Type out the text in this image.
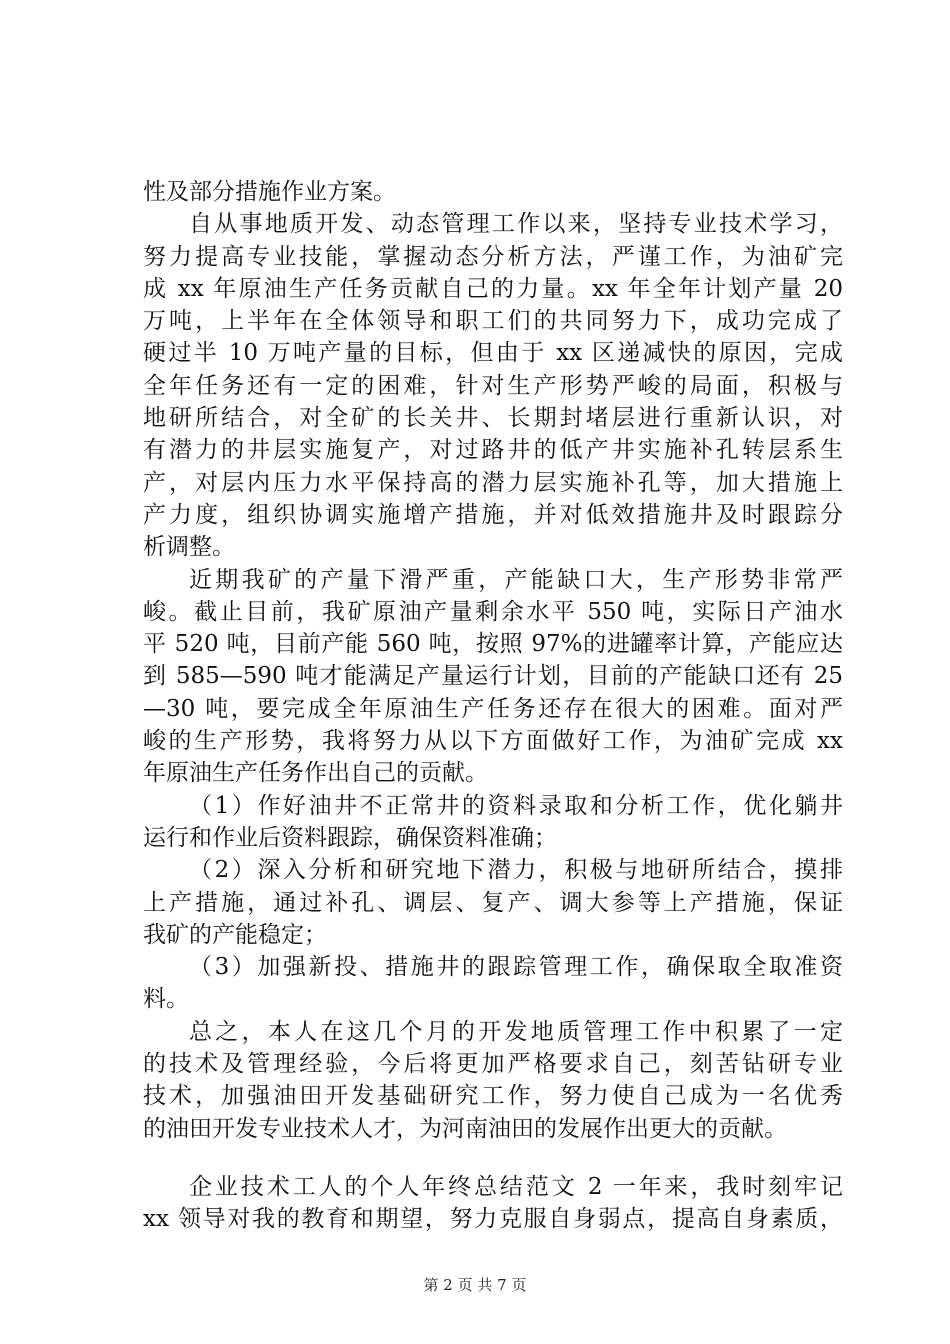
性及部分措施作业方案。
自从事地质开发、动态管理工作以来，坚持专业技术学习，
努力提高专业技能，掌握动态分析方法，严谨工作，为油矿完
成 xx 年原油生产任务贡献自己的力量。xx 年全年计划产量 20
万吨，上半年在全体领导和职工们的共同努力下，成功完成了
硬过半 10 万吨产量的目标，但由于 xx 区递减快的原因，完成
全年任务还有一定的困难，针对生产形势严峻的局面，积极与
地研所结合，对全矿的长关井、长期封堵层进行重新认识，对
有潜力的井层实施复产，对过路井的低产井实施补孔转层系生
产，对层内压力水平保持高的潜力层实施补孔等，加大措施上
产力度，组织协调实施增产措施，并对低效措施井及时跟踪分
析调整。
近期我矿的产量下滑严重，产能缺口大，生产形势非常严
峻。截止目前，我矿原油产量剩余水平 550 吨，实际日产油水
平 520 吨，目前产能 560 吨，按照 97%的进罐率计算，产能应达
到 585—590 吨才能满足产量运行计划，目前的产能缺口还有 25
—30 吨，要完成全年原油生产任务还存在很大的困难。面对严
峻的生产形势，我将努力从以下方面做好工作，为油矿完成 xx
年原油生产任务作出自己的贡献。
（1）作好油井不正常井的资料录取和分析工作，优化躺井
运行和作业后资料跟踪，确保资料准确；
（2）深入分析和研究地下潜力，积极与地研所结合，摸排
上产措施，通过补孔、调层、复产、调大参等上产措施，保证
我矿的产能稳定；
（3）加强新投、措施井的跟踪管理工作，确保取全取准资
料。
总之，本人在这几个月的开发地质管理工作中积累了一定
的技术及管理经验，今后将更加严格要求自己，刻苦钻研专业
技术，加强油田开发基础研究工作，努力使自己成为一名优秀
的油田开发专业技术人才，为河南油田的发展作出更大的贡献。
企业技术工人的个人年终总结范文 2 一年来，我时刻牢记
xx 领导对我的教育和期望，努力克服自身弱点，提高自身素质，
第 2 页 共 7 页
